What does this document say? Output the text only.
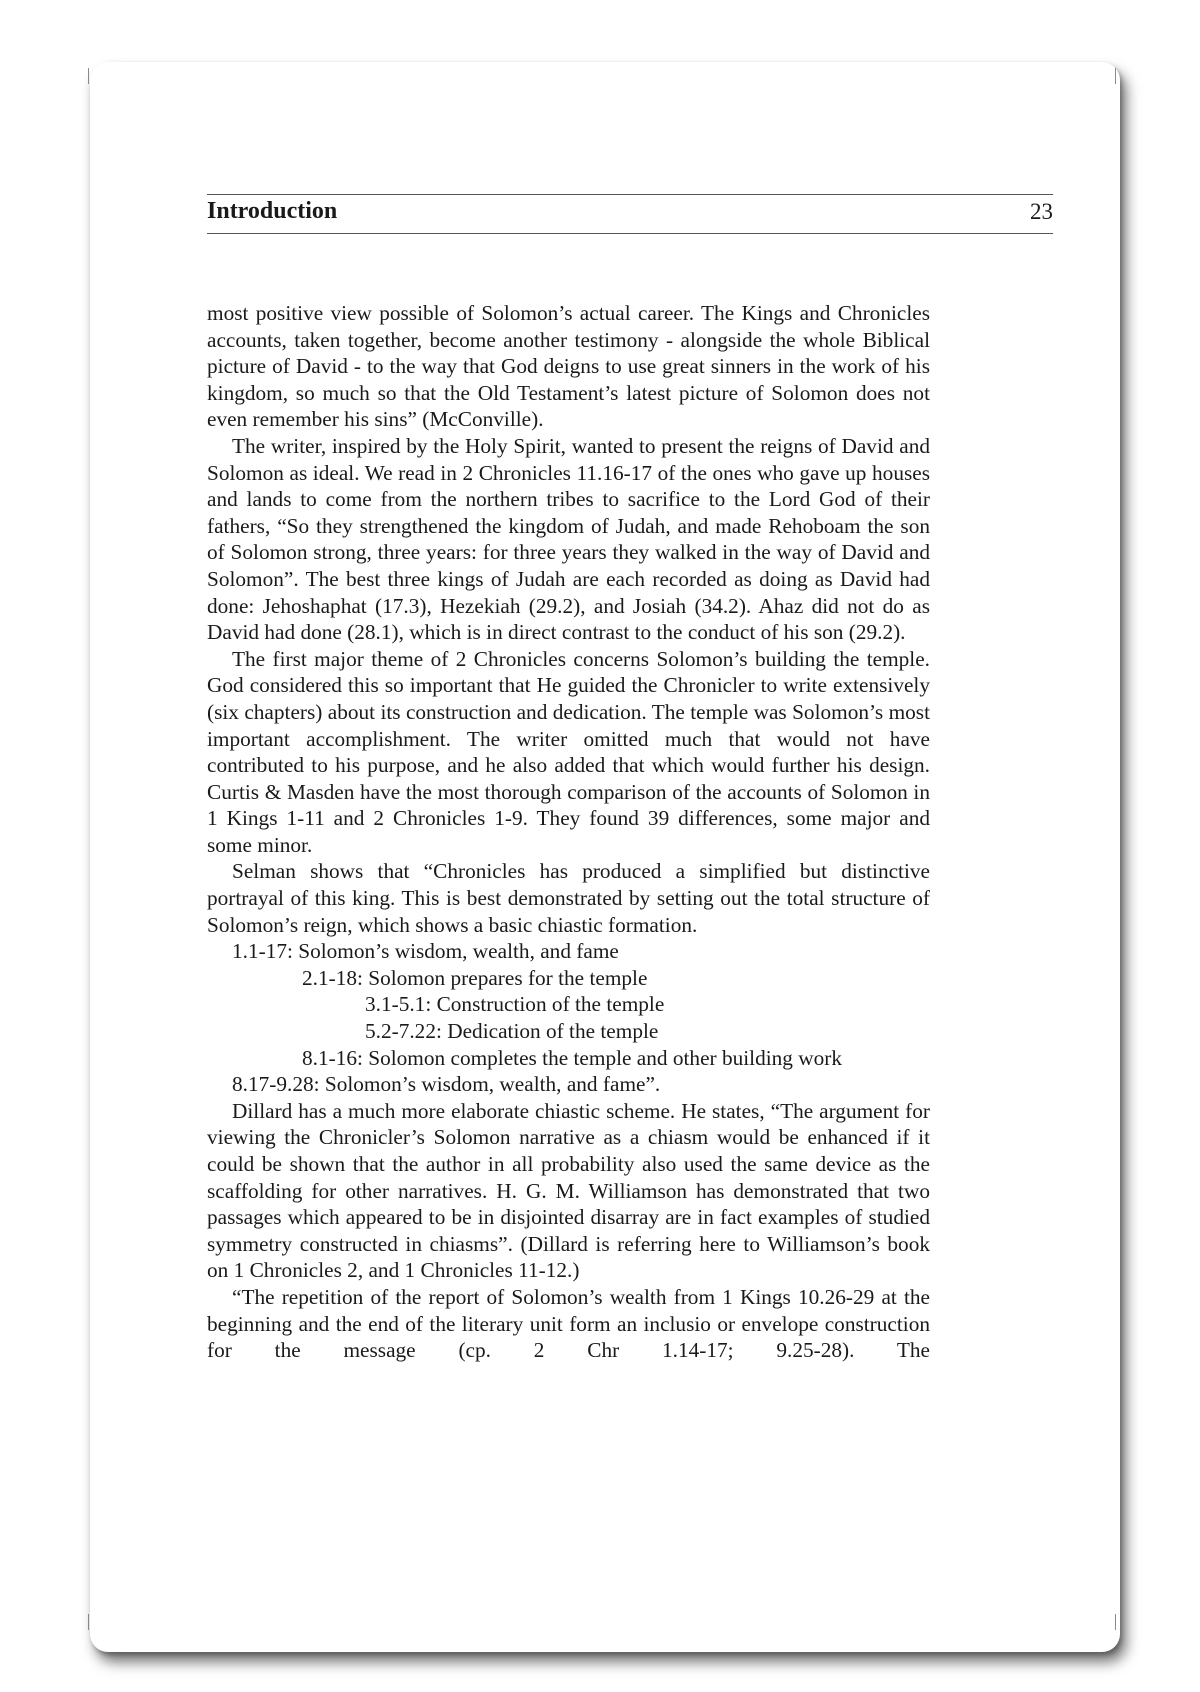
Introduction	23

most positive view possible of Solomon’s actual career. The Kings and Chronicles accounts, taken together, become another testimony - alongside the whole Biblical picture of David - to the way that God deigns to use great sinners in the work of his kingdom, so much so that the Old Testament’s latest picture of Solomon does not even remember his sins” (McConville).

The writer, inspired by the Holy Spirit, wanted to present the reigns of David and Solomon as ideal. We read in 2 Chronicles 11.16-17 of the ones who gave up houses and lands to come from the northern tribes to sacrifice to the Lord God of their fathers, “So they strengthened the kingdom of Judah, and made Rehoboam the son of Solomon strong, three years: for three years they walked in the way of David and Solomon”. The best three kings of Judah are each recorded as doing as David had done: Jehoshaphat (17.3), Hezekiah (29.2), and Josiah (34.2). Ahaz did not do as David had done (28.1), which is in direct contrast to the conduct of his son (29.2).

The first major theme of 2 Chronicles concerns Solomon’s building the temple. God considered this so important that He guided the Chronicler to write extensively (six chapters) about its construction and dedication. The temple was Solomon’s most important accomplishment. The writer omitted much that would not have contributed to his purpose, and he also added that which would further his design. Curtis & Masden have the most thorough comparison of the accounts of Solomon in 1 Kings 1-11 and 2 Chronicles 1-9. They found 39 differences, some major and some minor.

Selman shows that “Chronicles has produced a simplified but distinctive portrayal of this king. This is best demonstrated by setting out the total structure of Solomon’s reign, which shows a basic chiastic formation.

1.1-17: Solomon’s wisdom, wealth, and fame
2.1-18: Solomon prepares for the temple
3.1-5.1: Construction of the temple
5.2-7.22: Dedication of the temple
8.1-16: Solomon completes the temple and other building work
8.17-9.28: Solomon’s wisdom, wealth, and fame”.

Dillard has a much more elaborate chiastic scheme. He states, “The argument for viewing the Chronicler’s Solomon narrative as a chiasm would be enhanced if it could be shown that the author in all probability also used the same device as the scaffolding for other narratives. H. G. M. Williamson has demonstrated that two passages which appeared to be in disjointed disarray are in fact examples of studied symmetry constructed in chiasms”. (Dillard is referring here to Williamson’s book on 1 Chronicles 2, and 1 Chronicles 11-12.)

“The repetition of the report of Solomon’s wealth from 1 Kings 10.26-29 at the beginning and the end of the literary unit form an inclusio or envelope construction for the message (cp. 2 Chr 1.14-17; 9.25-28). The
